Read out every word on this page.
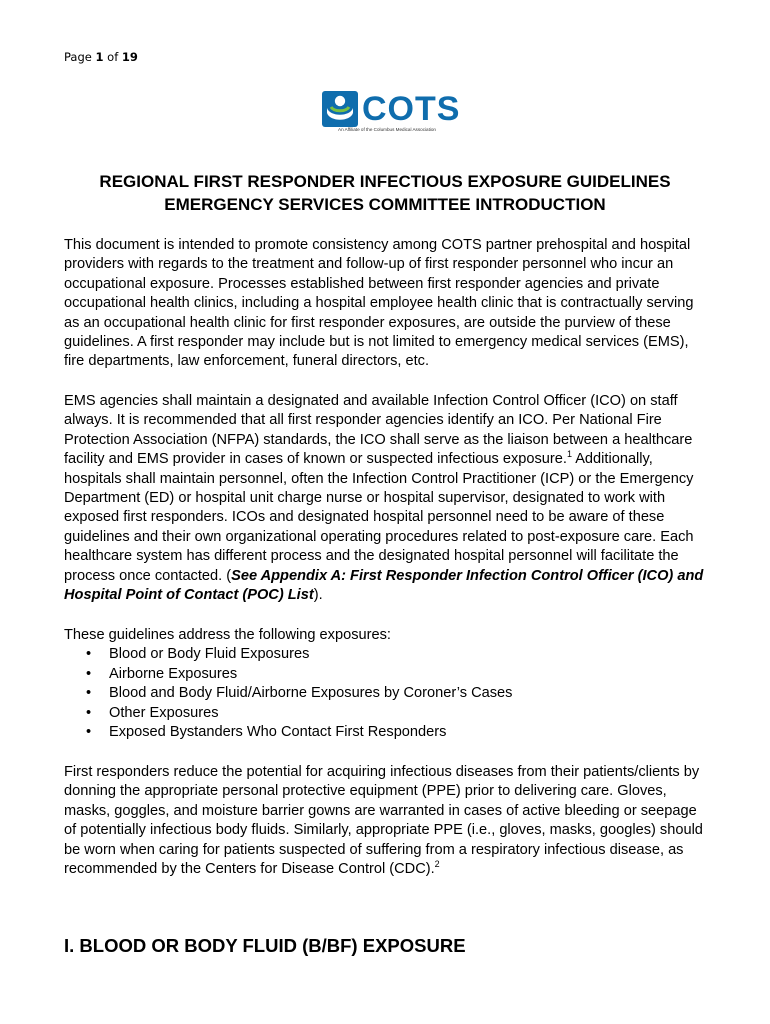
Page 1 of 19
COTS
An Affiliate of the Columbus Medical Association
REGIONAL FIRST RESPONDER INFECTIOUS EXPOSURE GUIDELINES
EMERGENCY SERVICES COMMITTEE INTRODUCTION
This document is intended to promote consistency among COTS partner prehospital and hospital providers with regards to the treatment and follow-up of first responder personnel who incur an occupational exposure. Processes established between first responder agencies and private occupational health clinics, including a hospital employee health clinic that is contractually serving as an occupational health clinic for first responder exposures, are outside the purview of these guidelines. A first responder may include but is not limited to emergency medical services (EMS), fire departments, law enforcement, funeral directors, etc.
EMS agencies shall maintain a designated and available Infection Control Officer (ICO) on staff always. It is recommended that all first responder agencies identify an ICO. Per National Fire Protection Association (NFPA) standards, the ICO shall serve as the liaison between a healthcare facility and EMS provider in cases of known or suspected infectious exposure.$^1$ Additionally, hospitals shall maintain personnel, often the Infection Control Practitioner (ICP) or the Emergency Department (ED) or hospital unit charge nurse or hospital supervisor, designated to work with exposed first responders. ICOs and designated hospital personnel need to be aware of these guidelines and their own organizational operating procedures related to post-exposure care. Each healthcare system has different process and the designated hospital personnel will facilitate the process once contacted. (See Appendix A: First Responder Infection Control Officer (ICO) and Hospital Point of Contact (POC) List).
These guidelines address the following exposures:
• Blood or Body Fluid Exposures
• Airborne Exposures
• Blood and Body Fluid/Airborne Exposures by Coroner’s Cases
• Other Exposures
• Exposed Bystanders Who Contact First Responders
First responders reduce the potential for acquiring infectious diseases from their patients/clients by donning the appropriate personal protective equipment (PPE) prior to delivering care. Gloves, masks, goggles, and moisture barrier gowns are warranted in cases of active bleeding or seepage of potentially infectious body fluids. Similarly, appropriate PPE (i.e., gloves, masks, googles) should be worn when caring for patients suspected of suffering from a respiratory infectious disease, as recommended by the Centers for Disease Control (CDC).$^2$
I. BLOOD OR BODY FLUID (B/BF) EXPOSURE
